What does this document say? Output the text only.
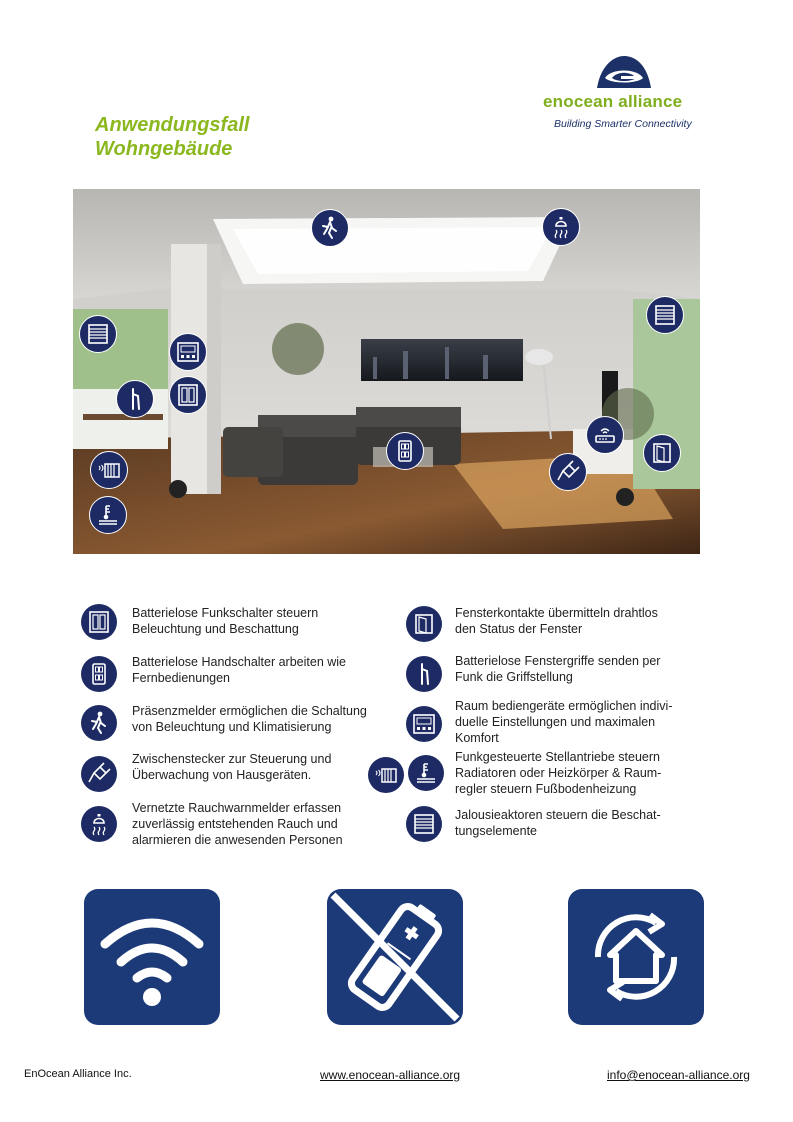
Anwendungsfall
Wohngebäude
enocean alliance
Building Smarter Connectivity
Batterielose Funkschalter steuern
Beleuchtung und Beschattung
Batterielose Handschalter arbeiten wie
Fernbedienungen
Präsenzmelder ermöglichen die Schaltung
von Beleuchtung und Klimatisierung
Zwischenstecker zur Steuerung und
Überwachung von Hausgeräten.
Vernetzte Rauchwarnmelder erfassen
zuverlässig entstehenden Rauch und
alarmieren die anwesenden Personen
Fensterkontakte übermitteln drahtlos
den Status der Fenster
Batterielose Fenstergriffe senden per
Funk die Griffstellung
Raum bediengeräte ermöglichen indivi-
duelle Einstellungen und maximalen
Komfort
Funkgesteuerte Stellantriebe steuern
Radiatoren oder Heizkörper & Raum-
regler steuern Fußbodenheizung
Jalousieaktoren steuern die Beschat-
tungselemente
EnOcean Alliance Inc.	www.enocean-alliance.org	info@enocean-alliance.org
